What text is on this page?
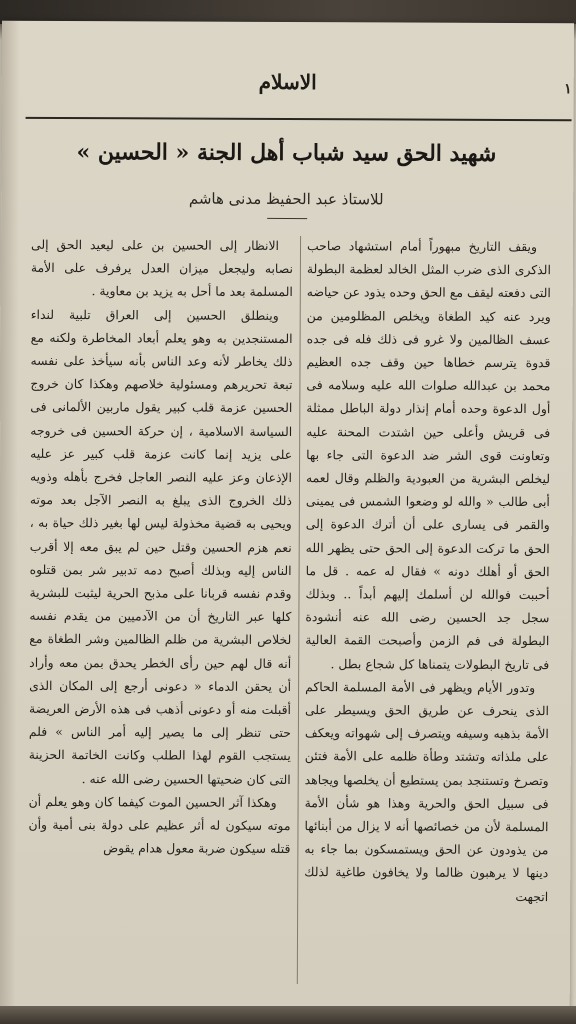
الاسلام	١
شهيد الحق سيد شباب أهل الجنة « الحسين »
للاستاذ عبد الحفيظ مدنى هاشم

ويقف التاريخ مبهوراً أمام استشهاد صاحب الذكرى الذى ضرب المثل الخالد لعظمة البطولة التى دفعته ليقف مع الحق وحده يذود عن حياضه ويرد عنه كيد الطغاة ويخلص المظلومين من عسف الظالمين ولا غرو فى ذلك فله فى جده قدوة يترسم خطاها حين وقف جده العظيم محمد بن عبدالله صلوات الله عليه وسلامه فى أول الدعوة وحده أمام إنذار دولة الباطل ممثلة فى قريش وأعلى حين اشتدت المحنة عليه وتعاونت قوى الشر ضد الدعوة التى جاء بها ليخلص البشرية من العبودية والظلم وقال لعمه أبى طالب « والله لو وضعوا الشمس فى يمينى والقمر فى يسارى على أن أترك الدعوة إلى الحق ما تركت الدعوة إلى الحق حتى يظهر الله الحق أو أهلك دونه » فقال له عمه . قل ما أحببت فوالله لن أسلمك إليهم أبداً .. وبذلك سجل جد الحسين رضى الله عنه أنشودة البطولة فى فم الزمن وأصبحت القمة العالية فى تاريخ البطولات يتمناها كل شجاع بطل .

وتدور الأيام ويظهر فى الأمة المسلمة الحاكم الذى ينحرف عن طريق الحق ويسيطر على الأمة بذهبه وسيفه ويتصرف إلى شهواته ويعكف على ملذاته وتشتد وطأة ظلمه على الأمة فتئن وتصرخ وتستنجد بمن يستطيع أن يخلصها ويجاهد فى سبيل الحق والحرية وهذا هو شأن الأمة المسلمة لأن من خصائصها أنه لا يزال من أبنائها من يذودون عن الحق ويستمسكون بما جاء به دينها لا يرهبون ظالما ولا يخافون طاغية لذلك اتجهت

الانظار إلى الحسين بن على ليعيد الحق إلى نصابه وليجعل ميزان العدل يرفرف على الأمة المسلمة بعد ما أحل به يزيد بن معاوية .

وينطلق الحسين إلى العراق تلبية لنداء المستنجدين به وهو يعلم أبعاد المخاطرة ولكنه مع ذلك يخاطر لأنه وعد الناس بأنه سيأخذ على نفسه تبعة تحريرهم ومسئولية خلاصهم وهكذا كان خروج الحسين عزمة قلب كبير يقول ماربين الألمانى فى السياسة الاسلامية ، إن حركة الحسين فى خروجه على يزيد إنما كانت عزمة قلب كبير عز عليه الإذعان وعز عليه النصر العاجل فخرج بأهله وذويه ذلك الخروج الذى يبلغ به النصر الآجل بعد موته ويحيى به قضية مخذولة ليس لها بغير ذلك حياة به ، نعم هزم الحسين وقتل حين لم يبق معه إلا أقرب الناس إليه وبذلك أصبح دمه تدبير شر بمن قتلوه وقدم نفسه قربانا على مذبح الحرية ليثبت للبشرية كلها عبر التاريخ أن من الآدميين من يقدم نفسه لخلاص البشرية من ظلم الظالمين وشر الطغاة مع أنه قال لهم حين رأى الخطر يحدق بمن معه وأراد أن يحقن الدماء « دعونى أرجع إلى المكان الذى أقبلت منه أو دعونى أذهب فى هذه الأرض العريضة حتى تنظر إلى ما يصير إليه أمر الناس » فلم يستجب القوم لهذا الطلب وكانت الخاتمة الحزينة التى كان ضحيتها الحسين رضى الله عنه .

وهكذا آثر الحسين الموت كيفما كان وهو يعلم أن موته سيكون له أثر عظيم على دولة بنى أمية وأن قتله سيكون ضربة معول هدام يقوض
